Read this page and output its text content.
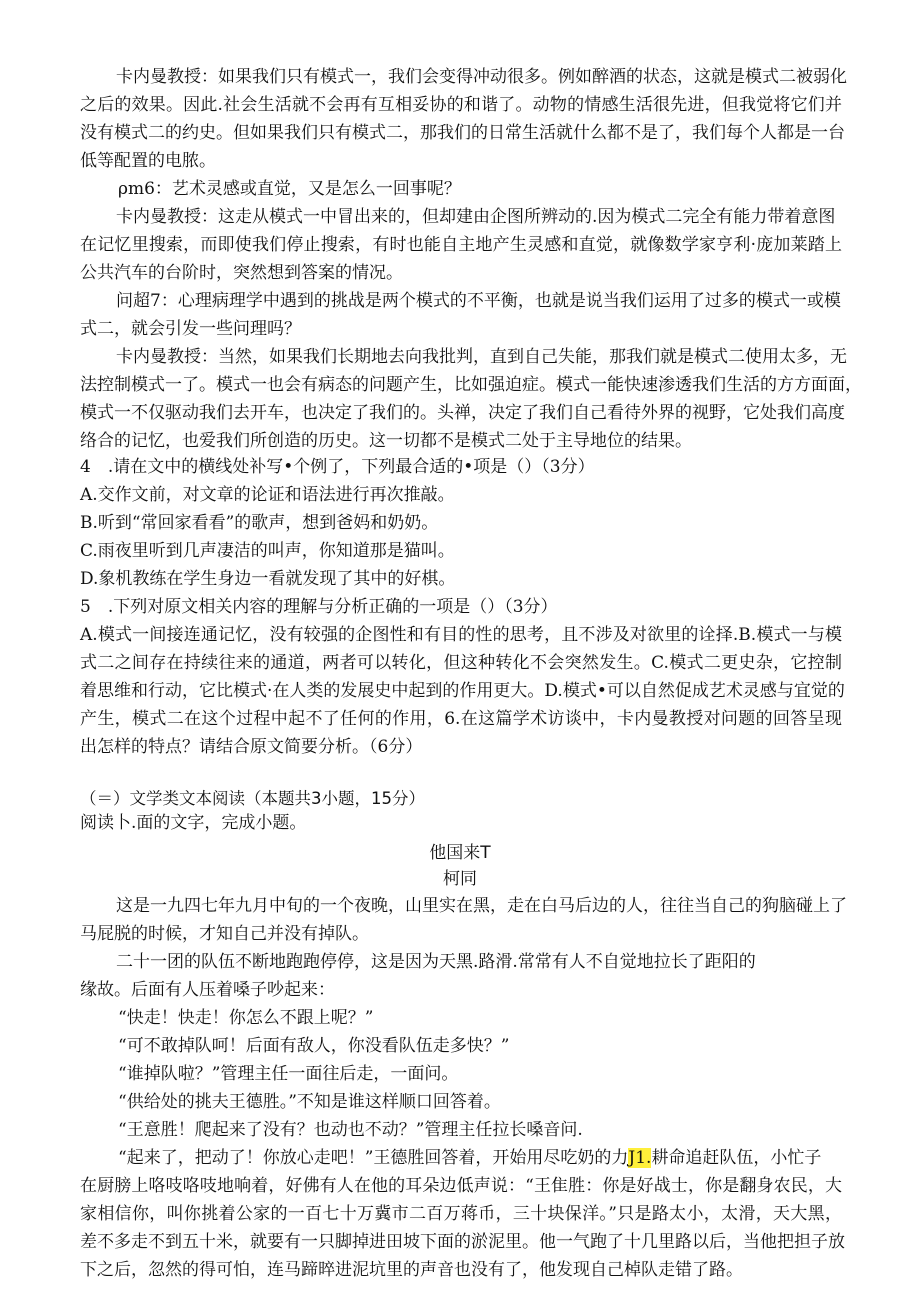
卡内曼教授：如果我们只有模式一，我们会变得冲动很多。例如醉酒的状态，这就是模式二被弱化
之后的效果。因此.社会生活就不会再有互相妥协的和谐了。动物的情感生活很先进，但我觉将它们并
没有模式二的约史。但如果我们只有模式二，那我们的日常生活就什么都不是了，我们每个人都是一台
低等配置的电脓。
ρm6：艺术灵感或直觉，又是怎么一回事呢？
卡内曼教授：这走从模式一中冒出来的，但却建由企图所辨动的.因为模式二完全有能力带着意图
在记忆里搜索，而即使我们停止搜索，有时也能自主地产生灵感和直觉，就像数学家亨利·庞加莱踏上
公共汽车的台阶时，突然想到答案的情况。
问超7：心理病理学中遇到的挑战是两个模式的不平衡，也就是说当我们运用了过多的模式一或模
式二，就会引发一些问理吗？
卡内曼教授：当然，如果我们长期地去向我批判，直到自己失能，那我们就是模式二使用太多，无
法控制模式一了。模式一也会有病态的问题产生，比如强迫症。模式一能快速渗透我们生活的方方面面，
模式一不仅驱动我们去开车，也决定了我们的。头禅，决定了我们自己看待外界的视野，它处我们高度
络合的记忆，也爱我们所创造的历史。这一切都不是模式二处于主导地位的结果。
4　.请在文中的横线处补写•个例了，下列最合适的•项是（）（3分）
A.交作文前，对文章的论证和语法进行再次推敲。
B.听到“常回家看看”的歌声，想到爸妈和奶奶。
C.雨夜里听到几声凄洁的叫声，你知道那是猫叫。
D.象机教练在学生身边一看就发现了其中的好棋。
5　.下列对原文相关内容的理解与分析正确的一项是（）（3分）
A.模式一间接连通记忆，没有较强的企图性和有目的性的思考，且不涉及对欲里的诠择.B.模式一与模
式二之间存在持续往来的通道，两者可以转化，但这种转化不会突然发生。C.模式二更史杂，它控制
着思维和行动，它比模式·在人类的发展史中起到的作用更大。D.模式•可以自然促成艺术灵感与宜觉的
产生，模式二在这个过程中起不了任何的作用，6.在这篇学术访谈中，卡内曼教授对问题的回答呈现
出怎样的特点？请结合原文简要分析。（6分）
（＝）文学类文本阅读（本题共3小题，15分）
阅读卜.面的文字，完成小题。
他国来T
柯同
这是一九四七年九月中旬的一个夜晚，山里实在黑，走在白马后边的人，往往当自己的狗脑碰上了
马屁脱的时候，才知自己并没有掉队。
二十一团的队伍不断地跑跑停停，这是因为天黑.路滑.常常有人不自觉地拉长了距阳的
缘故。后面有人压着嗓子吵起来：
“快走！快走！你怎么不跟上呢？”
“可不敢掉队呵！后面有敌人，你没看队伍走多快？”
“谁掉队啦？”管理主任一面往后走，一面问。
“供给处的挑夫王德胜。”不知是谁这样顺口回答着。
“王意胜！爬起来了没有？也动也不动？”管理主任拉长嗓音问.
“起来了，把动了！你放心走吧！”王德胜回答着，开始用尽吃奶的力J1.耕命追赶队伍，小忙子
在厨膀上咯吱咯吱地响着，好佛有人在他的耳朵边低声说：“王隹胜：你是好战士，你是翻身农民，大
家相信你，叫你挑着公家的一百七十万冀市二百万蒋币，三十块保洋。”只是路太小，太滑，天大黑，
差不多走不到五十米，就要有一只脚掉进田坡下面的淤泥里。他一气跑了十几里路以后，当他把担子放
下之后，忽然的得可怕，连马蹄晬进泥坑里的声音也没有了，他发现自己棹队走错了路。
